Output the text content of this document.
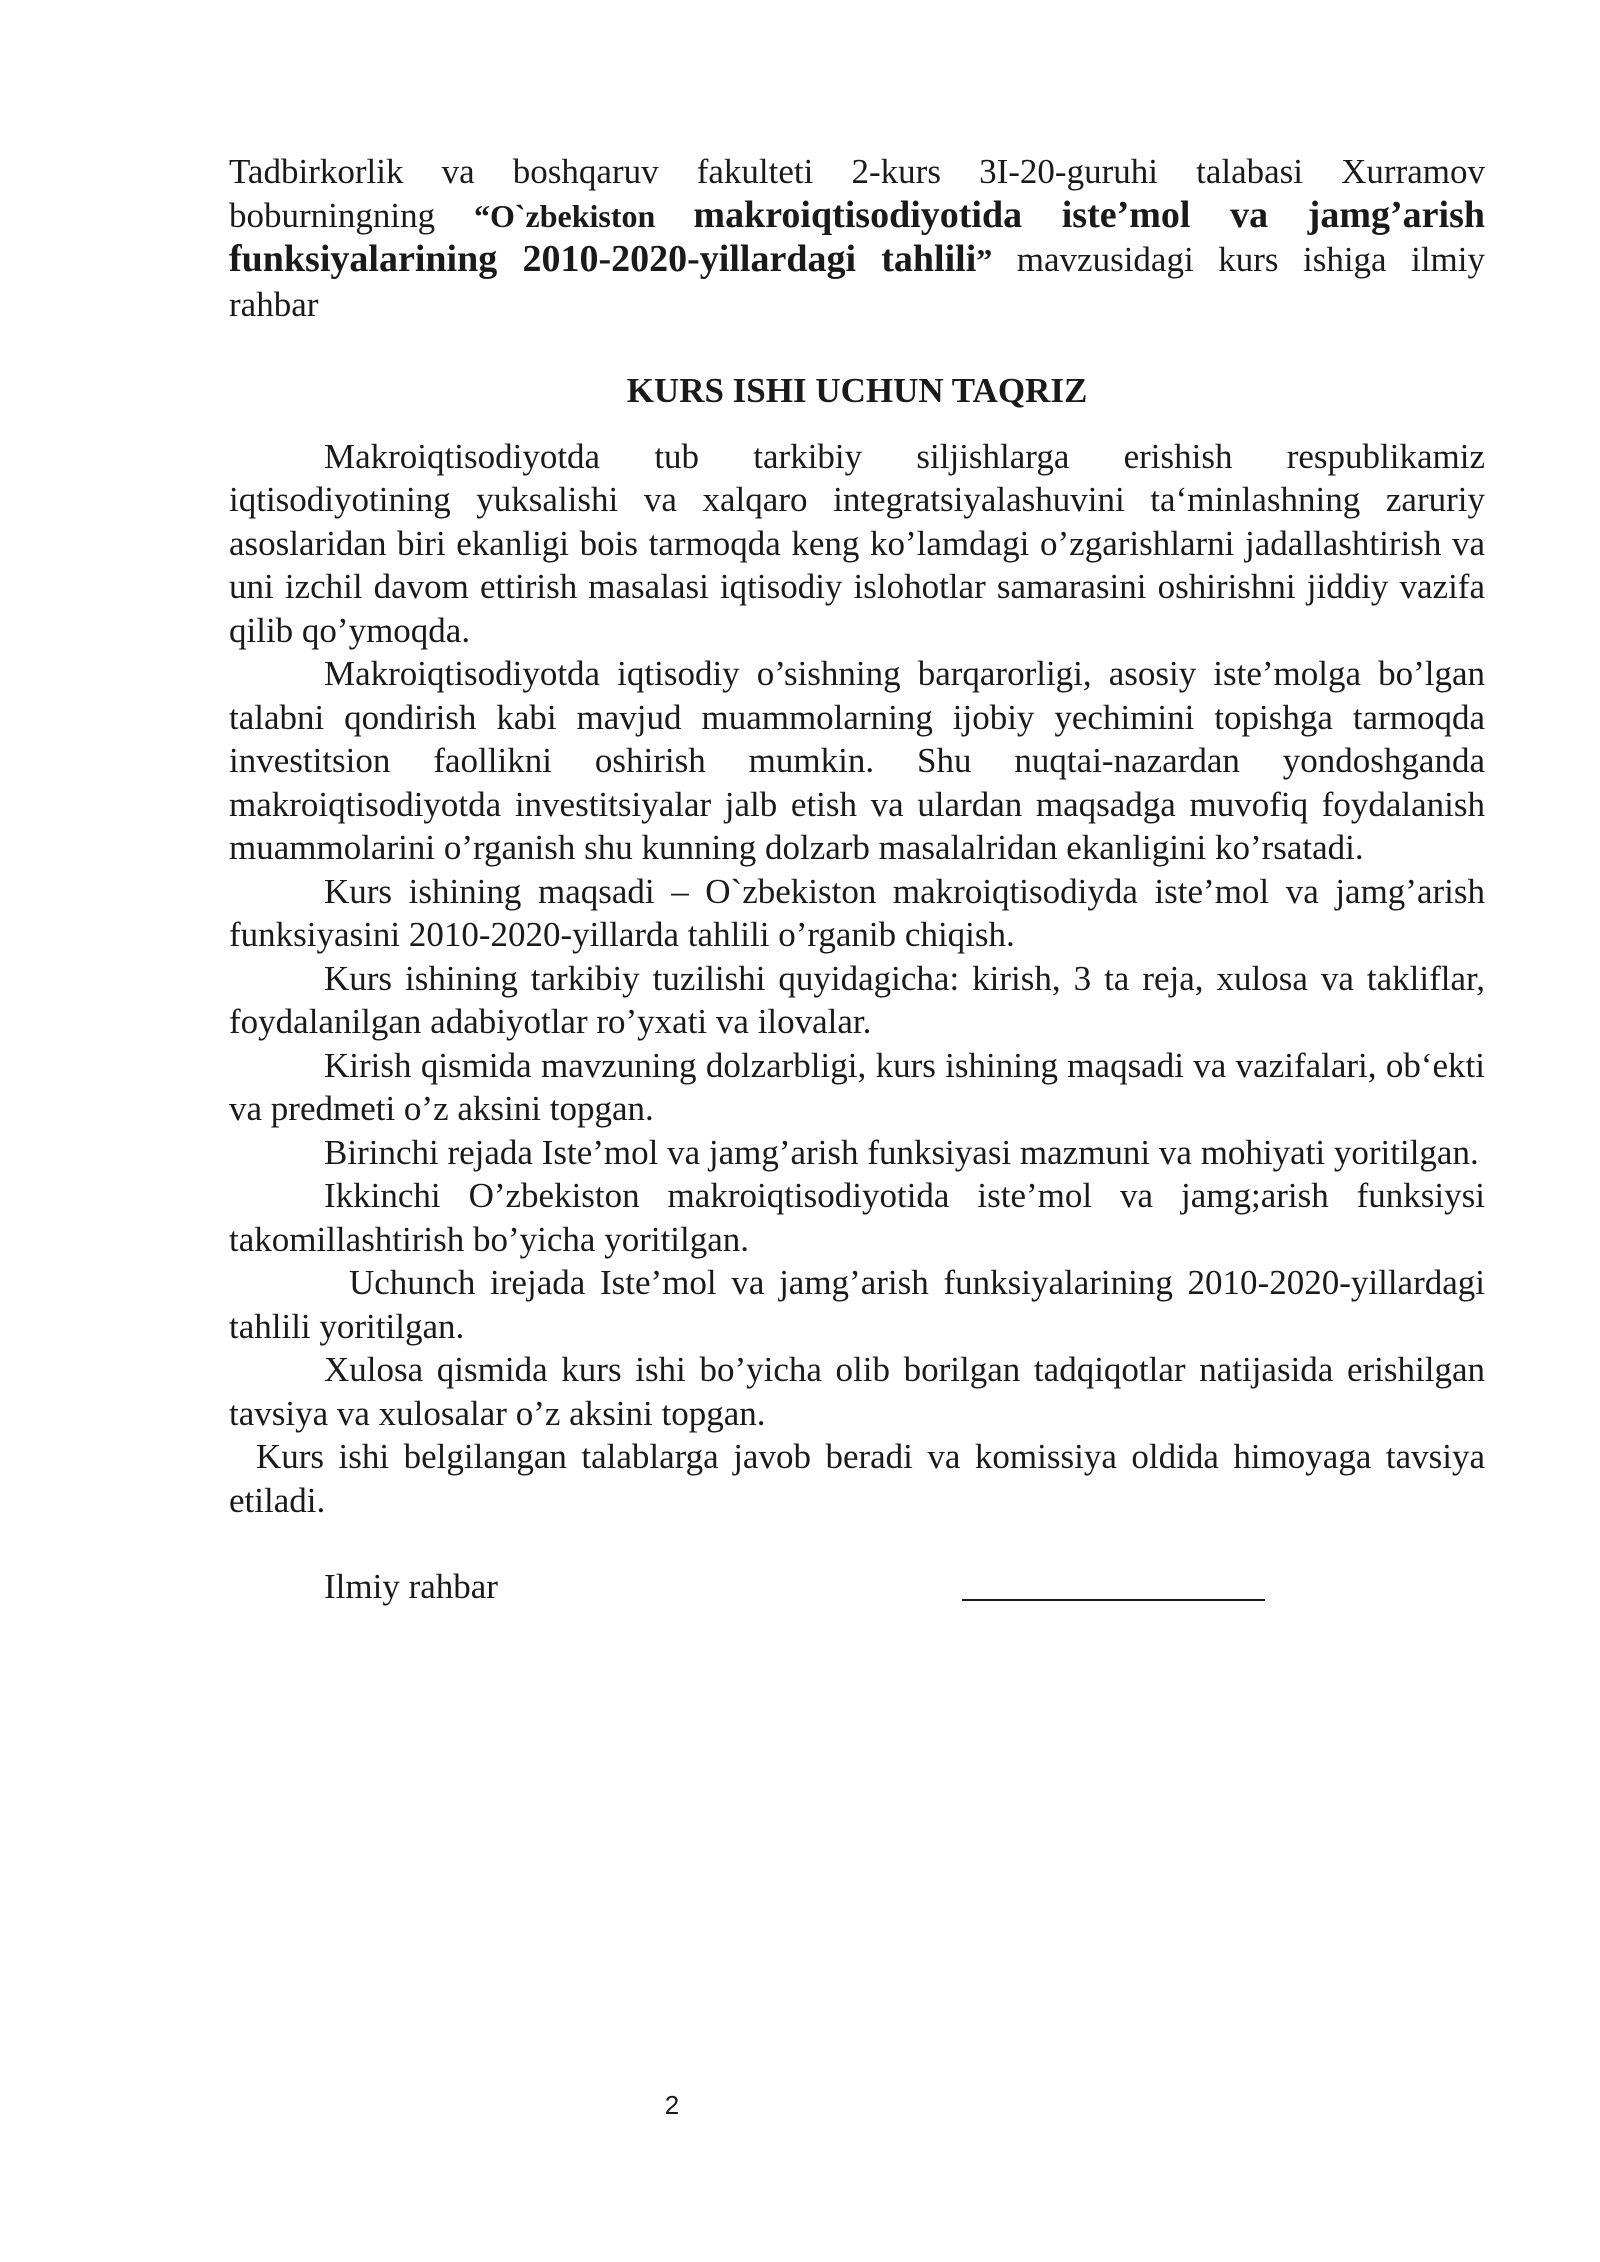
Tadbirkorlik va boshqaruv fakulteti 2-kurs 3I-20-guruhi talabasi Xurramov boburningning “O`zbekiston makroiqtisodiyotida iste’mol va jamg’arish funksiyalarining 2010-2020-yillardagi tahlili” mavzusidagi kurs ishiga ilmiy rahbar

KURS ISHI UCHUN TAQRIZ

Makroiqtisodiyotda tub tarkibiy siljishlarga erishish respublikamiz iqtisodiyotining yuksalishi va xalqaro integratsiyalashuvini ta‘minlashning zaruriy asoslaridan biri ekanligi bois tarmoqda keng ko’lamdagi o’zgarishlarni jadallashtirish va uni izchil davom ettirish masalasi iqtisodiy islohotlar samarasini oshirishni jiddiy vazifa qilib qo’ymoqda.

Makroiqtisodiyotda iqtisodiy o’sishning barqarorligi, asosiy iste’molga bo’lgan talabni qondirish kabi mavjud muammolarning ijobiy yechimini topishga tarmoqda investitsion faollikni oshirish mumkin. Shu nuqtai-nazardan yondoshganda makroiqtisodiyotda investitsiyalar jalb etish va ulardan maqsadga muvofiq foydalanish muammolarini o’rganish shu kunning dolzarb masalalridan ekanligini ko’rsatadi.

Kurs ishining maqsadi – O`zbekiston makroiqtisodiyda iste’mol va jamg’arish funksiyasini 2010-2020-yillarda tahlili o’rganib chiqish.

Kurs ishining tarkibiy tuzilishi quyidagicha: kirish, 3 ta reja, xulosa va takliflar, foydalanilgan adabiyotlar ro’yxati va ilovalar.

Kirish qismida mavzuning dolzarbligi, kurs ishining maqsadi va vazifalari, ob‘ekti va predmeti o’z aksini topgan.

Birinchi rejada Iste’mol va jamg’arish funksiyasi mazmuni va mohiyati yoritilgan.

Ikkinchi O’zbekiston makroiqtisodiyotida iste’mol va jamg;arish funksiysi takomillashtirish bo’yicha yoritilgan.

Uchunch irejada Iste’mol va jamg’arish funksiyalarining 2010-2020-yillardagi tahlili yoritilgan.

Xulosa qismida kurs ishi bo’yicha olib borilgan tadqiqotlar natijasida erishilgan tavsiya va xulosalar o’z aksini topgan.

Kurs ishi belgilangan talablarga javob beradi va komissiya oldida himoyaga tavsiya etiladi.

Ilmiy rahbar
2
